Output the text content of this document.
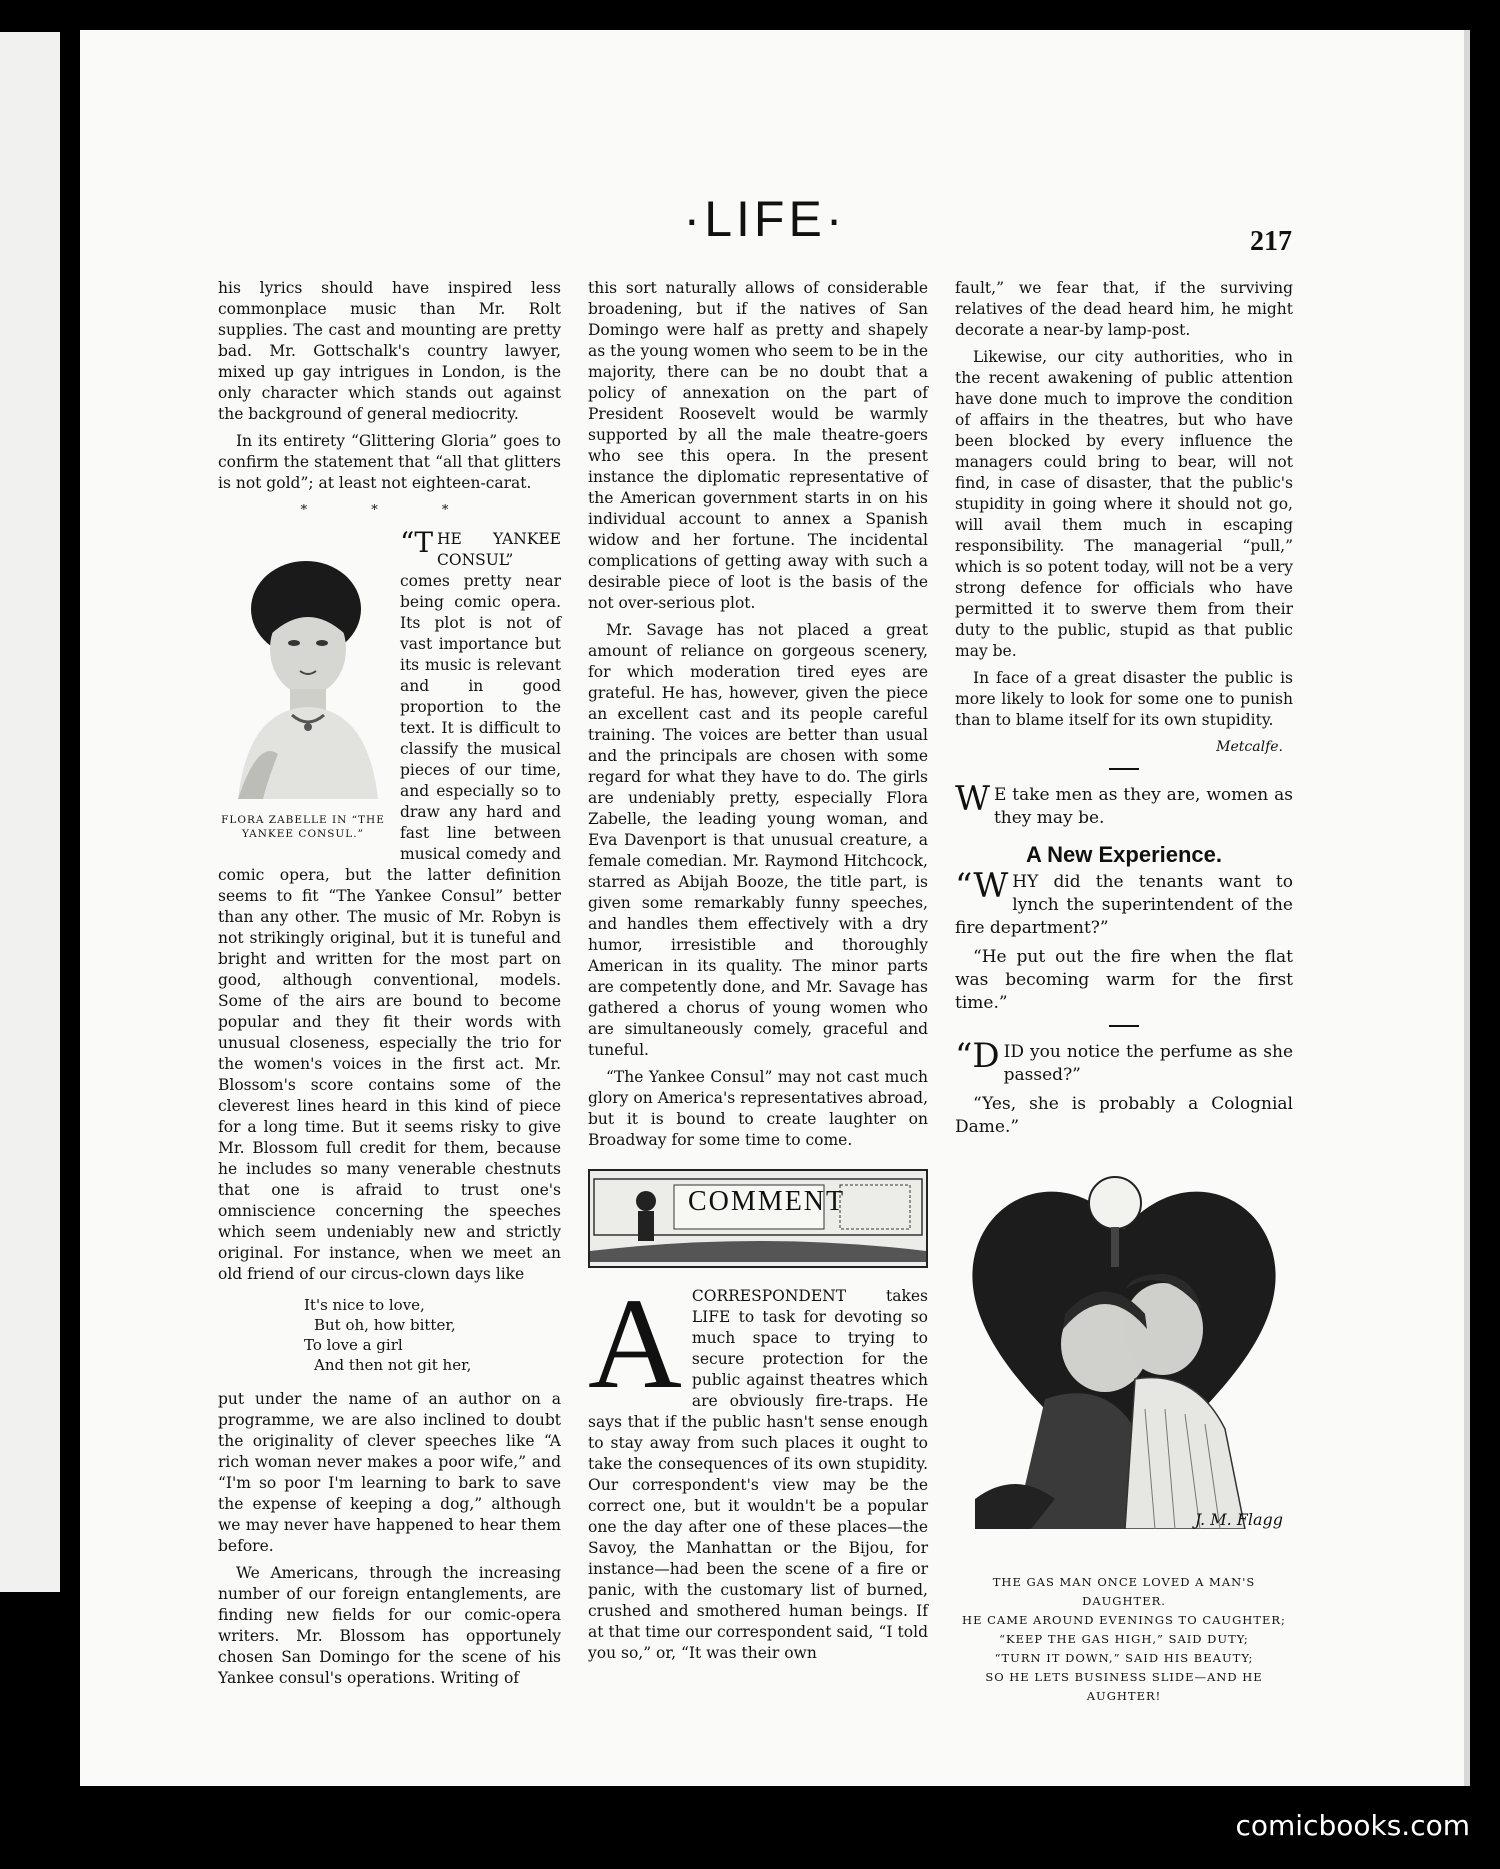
·LIFE·	217

his lyrics should have inspired less commonplace music than Mr. Rolt supplies. The cast and mounting are pretty bad. Mr. Gottschalk's country lawyer, mixed up gay intrigues in London, is the only character which stands out against the background of general mediocrity.

In its entirety “Glittering Gloria” goes to confirm the statement that “all that glitters is not gold”; at least not eighteen-carat.

* * *
FLORA ZABELLE IN “THE YANKEE CONSUL.”

“THE YANKEE CONSUL” comes pretty near being comic opera. Its plot is not of vast importance but its music is relevant and in good proportion to the text. It is difficult to classify the musical pieces of our time, and especially so to draw any hard and fast line between musical comedy and comic opera, but the latter definition seems to fit “The Yankee Consul” better than any other. The music of Mr. Robyn is not strikingly original, but it is tuneful and bright and written for the most part on good, although conventional, models. Some of the airs are bound to become popular and they fit their words with unusual closeness, especially the trio for the women's voices in the first act. Mr. Blossom's score contains some of the cleverest lines heard in this kind of piece for a long time. But it seems risky to give Mr. Blossom full credit for them, because he includes so many venerable chestnuts that one is afraid to trust one's omniscience concerning the speeches which seem undeniably new and strictly original. For instance, when we meet an old friend of our circus-clown days like

It's nice to love,
But oh, how bitter,
To love a girl
And then not git her,

put under the name of an author on a programme, we are also inclined to doubt the originality of clever speeches like “A rich woman never makes a poor wife,” and “I'm so poor I'm learning to bark to save the expense of keeping a dog,” although we may never have happened to hear them before.

We Americans, through the increasing number of our foreign entanglements, are finding new fields for our comic-opera writers. Mr. Blossom has opportunely chosen San Domingo for the scene of his Yankee consul's operations. Writing of

this sort naturally allows of considerable broadening, but if the natives of San Domingo were half as pretty and shapely as the young women who seem to be in the majority, there can be no doubt that a policy of annexation on the part of President Roosevelt would be warmly supported by all the male theatre-goers who see this opera. In the present instance the diplomatic representative of the American government starts in on his individual account to annex a Spanish widow and her fortune. The incidental complications of getting away with such a desirable piece of loot is the basis of the not over-serious plot.

Mr. Savage has not placed a great amount of reliance on gorgeous scenery, for which moderation tired eyes are grateful. He has, however, given the piece an excellent cast and its people careful training. The voices are better than usual and the principals are chosen with some regard for what they have to do. The girls are undeniably pretty, especially Flora Zabelle, the leading young woman, and Eva Davenport is that unusual creature, a female comedian. Mr. Raymond Hitchcock, starred as Abijah Booze, the title part, is given some remarkably funny speeches, and handles them effectively with a dry humor, irresistible and thoroughly American in its quality. The minor parts are competently done, and Mr. Savage has gathered a chorus of young women who are simultaneously comely, graceful and tuneful.

“The Yankee Consul” may not cast much glory on America's representatives abroad, but it is bound to create laughter on Broadway for some time to come.

COMMENT

ACORRESPONDENT takes LIFE to task for devoting so much space to trying to secure protection for the public against theatres which are obviously fire-traps. He says that if the public hasn't sense enough to stay away from such places it ought to take the consequences of its own stupidity. Our correspondent's view may be the correct one, but it wouldn't be a popular one the day after one of these places—the Savoy, the Manhattan or the Bijou, for instance—had been the scene of a fire or panic, with the customary list of burned, crushed and smothered human beings. If at that time our correspondent said, “I told you so,” or, “It was their own

fault,” we fear that, if the surviving relatives of the dead heard him, he might decorate a near-by lamp-post.

Likewise, our city authorities, who in the recent awakening of public attention have done much to improve the condition of affairs in the theatres, but who have been blocked by every influence the managers could bring to bear, will not find, in case of disaster, that the public's stupidity in going where it should not go, will avail them much in escaping responsibility. The managerial “pull,” which is so potent today, will not be a very strong defence for officials who have permitted it to swerve them from their duty to the public, stupid as that public may be.

In face of a great disaster the public is more likely to look for some one to punish than to blame itself for its own stupidity.

Metcalfe.

W E take men as they are, women as they may be.

A New Experience.

“WHY did the tenants want to lynch the superintendent of the fire department?”

“He put out the fire when the flat was becoming warm for the first time.”

“DID you notice the perfume as she passed?”

“Yes, she is probably a Colognial Dame.”

J. M. Flagg
THE GAS MAN ONCE LOVED A MAN'S DAUGHTER.
HE CAME AROUND EVENINGS TO CAUGHTER;
“KEEP THE GAS HIGH,” SAID DUTY;
“TURN IT DOWN,” SAID HIS BEAUTY;
SO HE LETS BUSINESS SLIDE—AND HE AUGHTER!
comicbooks.com
